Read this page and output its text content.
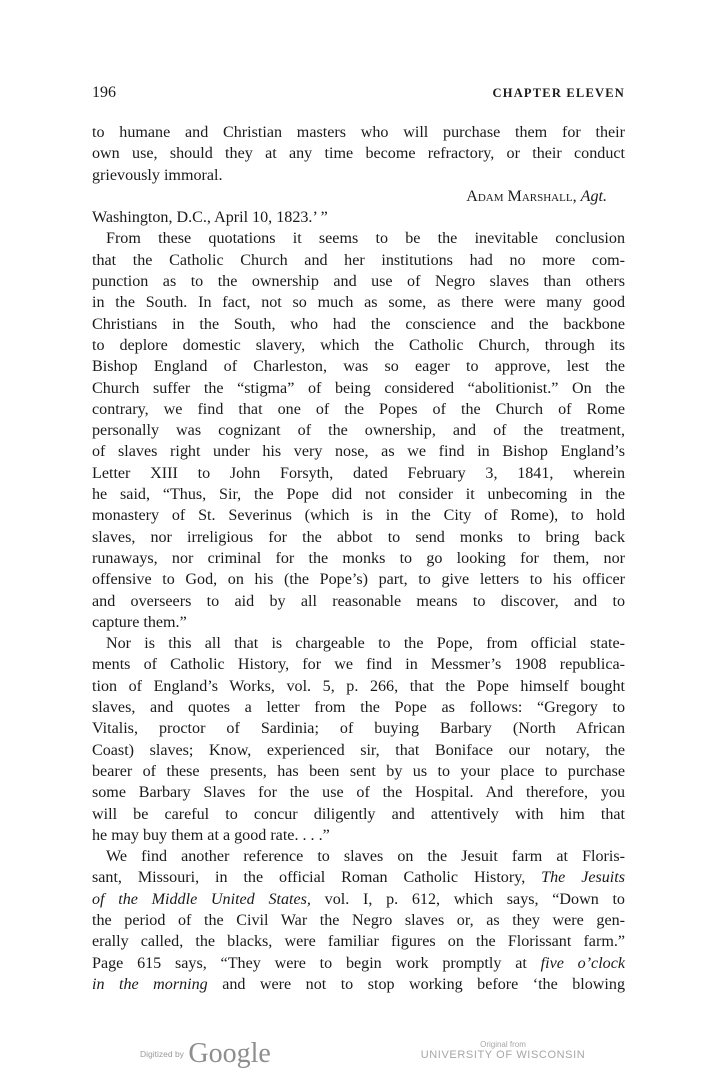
196	CHAPTER ELEVEN
to humane and Christian masters who will purchase them for their
own use, should they at any time become refractory, or their conduct
grievously immoral.
Adam Marshall, Agt.
Washington, D.C., April 10, 1823.’ ”
From these quotations it seems to be the inevitable conclusion
that the Catholic Church and her institutions had no more com-
punction as to the ownership and use of Negro slaves than others
in the South. In fact, not so much as some, as there were many good
Christians in the South, who had the conscience and the backbone
to deplore domestic slavery, which the Catholic Church, through its
Bishop England of Charleston, was so eager to approve, lest the
Church suffer the “stigma” of being considered “abolitionist.” On the
contrary, we find that one of the Popes of the Church of Rome
personally was cognizant of the ownership, and of the treatment,
of slaves right under his very nose, as we find in Bishop England’s
Letter XIII to John Forsyth, dated February 3, 1841, wherein
he said, “Thus, Sir, the Pope did not consider it unbecoming in the
monastery of St. Severinus (which is in the City of Rome), to hold
slaves, nor irreligious for the abbot to send monks to bring back
runaways, nor criminal for the monks to go looking for them, nor
offensive to God, on his (the Pope’s) part, to give letters to his officer
and overseers to aid by all reasonable means to discover, and to
capture them.”
Nor is this all that is chargeable to the Pope, from official state-
ments of Catholic History, for we find in Messmer’s 1908 republica-
tion of England’s Works, vol. 5, p. 266, that the Pope himself bought
slaves, and quotes a letter from the Pope as follows: “Gregory to
Vitalis, proctor of Sardinia; of buying Barbary (North African
Coast) slaves; Know, experienced sir, that Boniface our notary, the
bearer of these presents, has been sent by us to your place to purchase
some Barbary Slaves for the use of the Hospital. And therefore, you
will be careful to concur diligently and attentively with him that
he may buy them at a good rate. . . .”
We find another reference to slaves on the Jesuit farm at Floris-
sant, Missouri, in the official Roman Catholic History, The Jesuits
of the Middle United States, vol. I, p. 612, which says, “Down to
the period of the Civil War the Negro slaves or, as they were gen-
erally called, the blacks, were familiar figures on the Florissant farm.”
Page 615 says, “They were to begin work promptly at five o’clock
in the morning and were not to stop working before ‘the blowing
Digitized by Google	Original from
UNIVERSITY OF WISCONSIN
